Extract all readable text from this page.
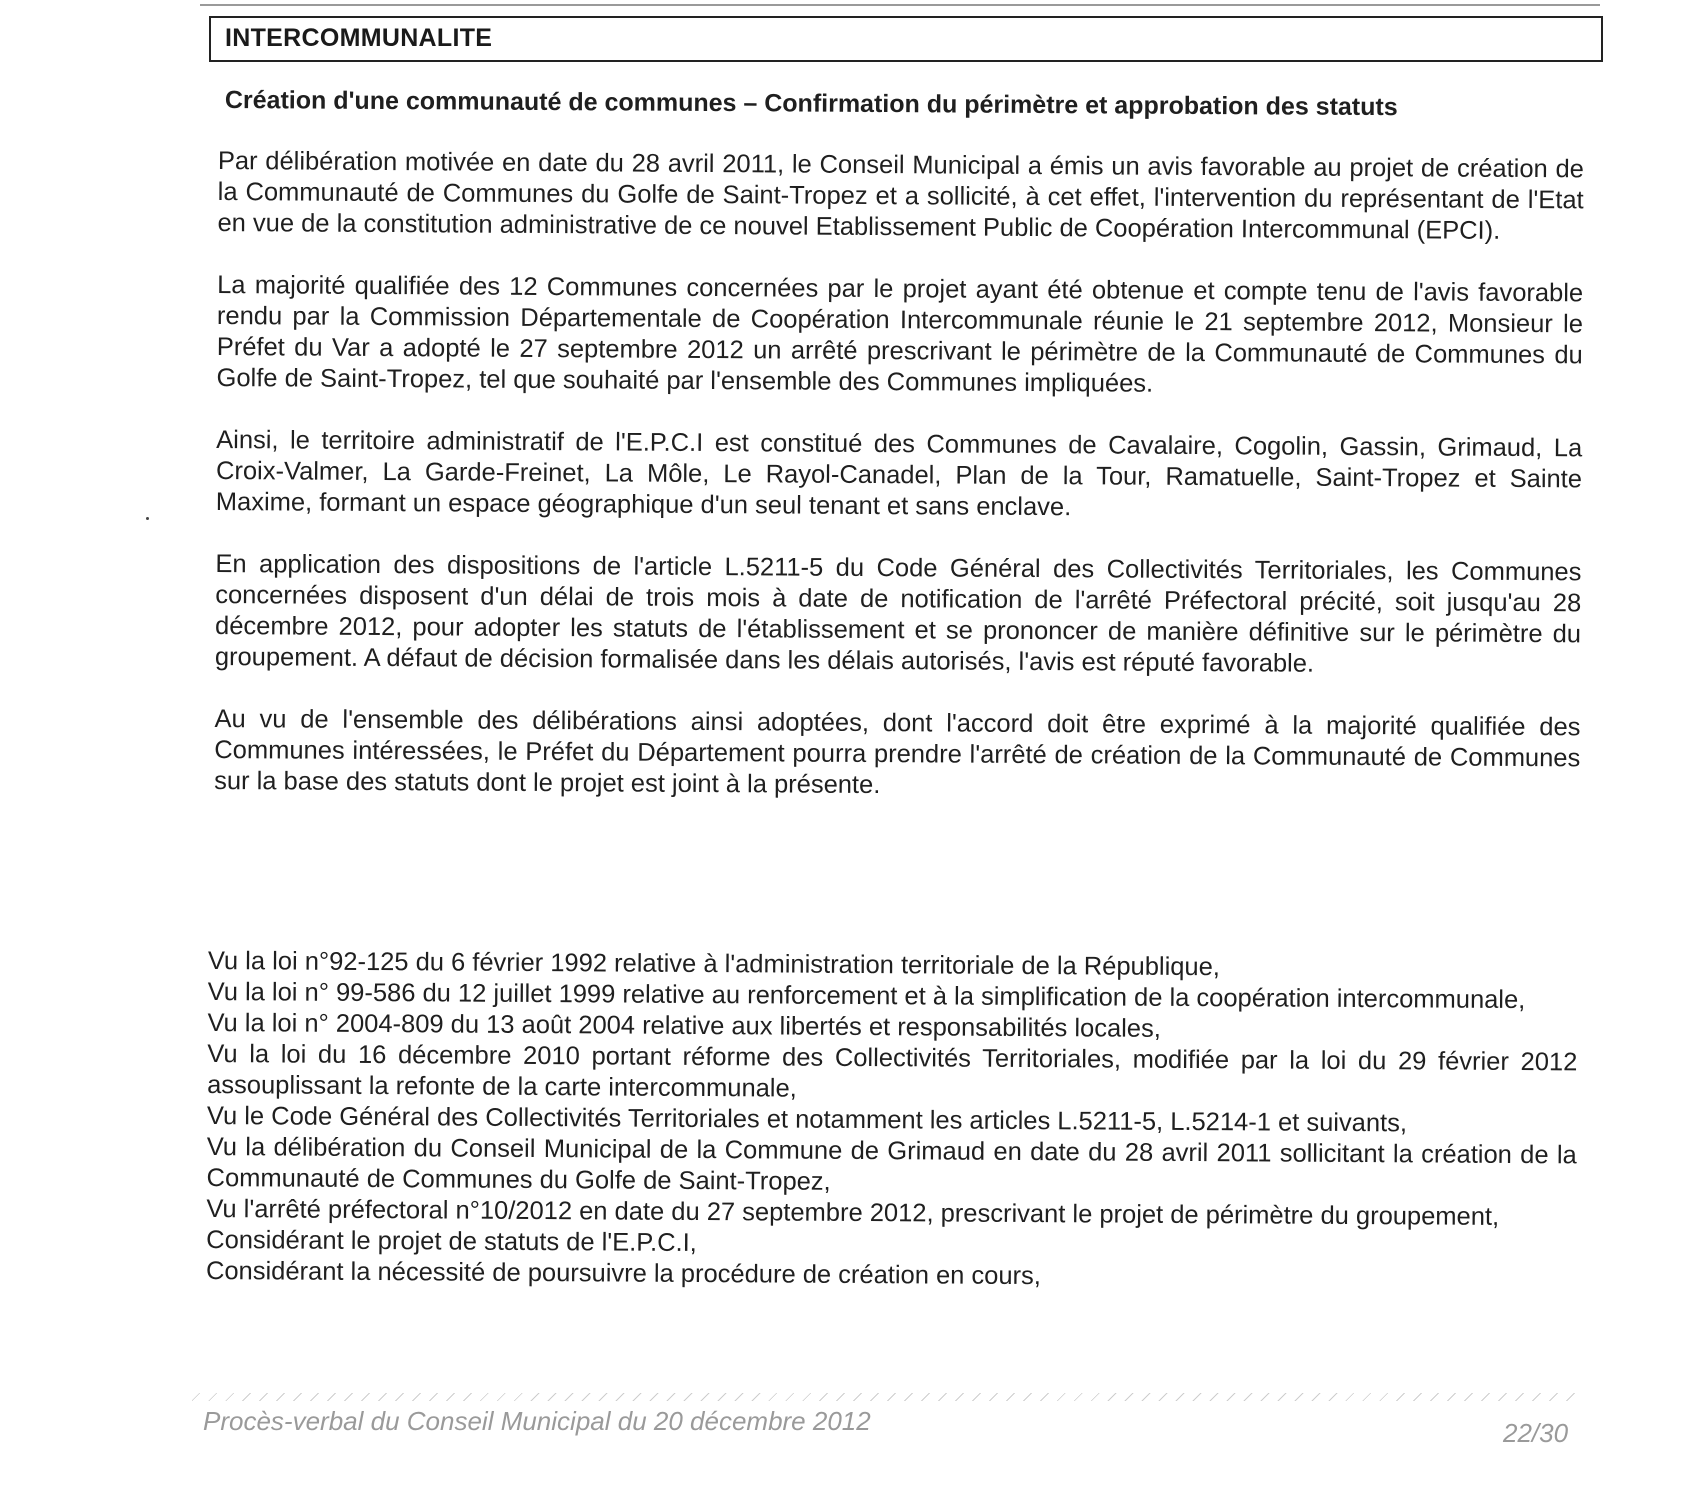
INTERCOMMUNALITE
Création d'une communauté de communes – Confirmation du périmètre et approbation des statuts

Par délibération motivée en date du 28 avril 2011, le Conseil Municipal a émis un avis favorable au projet de création de la Communauté de Communes du Golfe de Saint-Tropez et a sollicité, à cet effet, l'intervention du représentant de l'Etat en vue de la constitution administrative de ce nouvel Etablissement Public de Coopération Intercommunal (EPCI).

La majorité qualifiée des 12 Communes concernées par le projet ayant été obtenue et compte tenu de l'avis favorable rendu par la Commission Départementale de Coopération Intercommunale réunie le 21 septembre 2012, Monsieur le Préfet du Var a adopté le 27 septembre 2012 un arrêté prescrivant le périmètre de la Communauté de Communes du Golfe de Saint-Tropez, tel que souhaité par l'ensemble des Communes impliquées.

Ainsi, le territoire administratif de l'E.P.C.I est constitué des Communes de Cavalaire, Cogolin, Gassin, Grimaud, La Croix-Valmer, La Garde-Freinet, La Môle, Le Rayol-Canadel, Plan de la Tour, Ramatuelle, Saint-Tropez et Sainte Maxime, formant un espace géographique d'un seul tenant et sans enclave.

En application des dispositions de l'article L.5211-5 du Code Général des Collectivités Territoriales, les Communes concernées disposent d'un délai de trois mois à date de notification de l'arrêté Préfectoral précité, soit jusqu'au 28 décembre 2012, pour adopter les statuts de l'établissement et se prononcer de manière définitive sur le périmètre du groupement. A défaut de décision formalisée dans les délais autorisés, l'avis est réputé favorable.

Au vu de l'ensemble des délibérations ainsi adoptées, dont l'accord doit être exprimé à la majorité qualifiée des Communes intéressées, le Préfet du Département pourra prendre l'arrêté de création de la Communauté de Communes sur la base des statuts dont le projet est joint à la présente.

Vu la loi n°92-125 du 6 février 1992 relative à l'administration territoriale de la République,

Vu la loi n° 99-586 du 12 juillet 1999 relative au renforcement et à la simplification de la coopération intercommunale,

Vu la loi n° 2004-809 du 13 août 2004 relative aux libertés et responsabilités locales,

Vu la loi du 16 décembre 2010 portant réforme des Collectivités Territoriales, modifiée par la loi du 29 février 2012 assouplissant la refonte de la carte intercommunale,

Vu le Code Général des Collectivités Territoriales et notamment les articles L.5211-5, L.5214-1 et suivants,

Vu la délibération du Conseil Municipal de la Commune de Grimaud en date du 28 avril 2011 sollicitant la création de la Communauté de Communes du Golfe de Saint-Tropez,

Vu l'arrêté préfectoral n°10/2012 en date du 27 septembre 2012, prescrivant le projet de périmètre du groupement,

Considérant le projet de statuts de l'E.P.C.I,

Considérant la nécessité de poursuivre la procédure de création en cours,

Procès-verbal du Conseil Municipal du 20 décembre 2012	22/30
